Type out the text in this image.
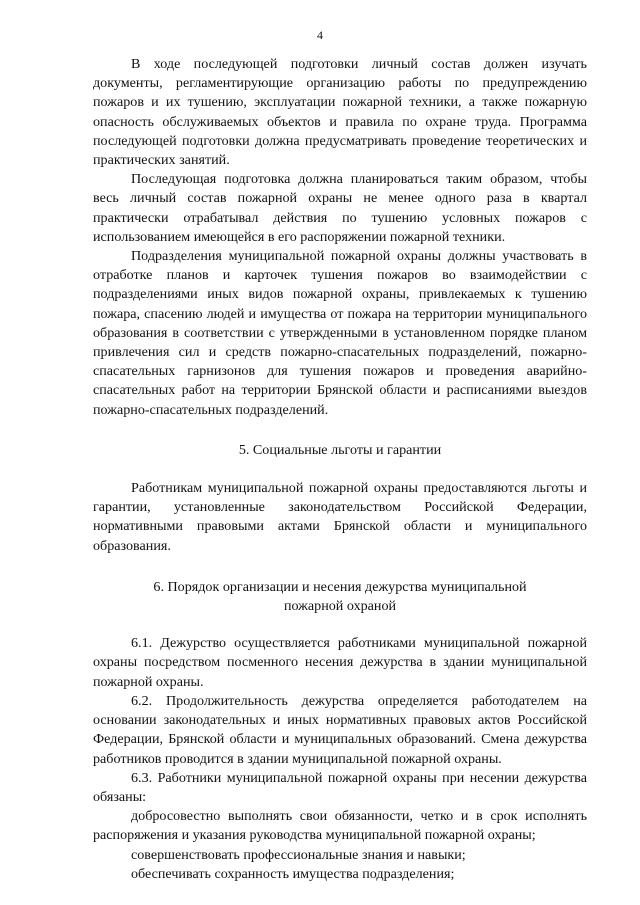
4

В ходе последующей подготовки личный состав должен изучать документы, регламентирующие организацию работы по предупреждению пожаров и их тушению, эксплуатации пожарной техники, а также пожарную опасность обслуживаемых объектов и правила по охране труда. Программа последующей подготовки должна предусматривать проведение теоретических и практических занятий.

Последующая подготовка должна планироваться таким образом, чтобы весь личный состав пожарной охраны не менее одного раза в квартал практически отрабатывал действия по тушению условных пожаров с использованием имеющейся в его распоряжении пожарной техники.

Подразделения муниципальной пожарной охраны должны участвовать в отработке планов и карточек тушения пожаров во взаимодействии с подразделениями иных видов пожарной охраны, привлекаемых к тушению пожара, спасению людей и имущества от пожара на территории муниципального образования в соответствии с утвержденными в установленном порядке планом привлечения сил и средств пожарно-спасательных подразделений, пожарно-спасательных гарнизонов для тушения пожаров и проведения аварийно-спасательных работ на территории Брянской области и расписаниями выездов пожарно-спасательных подразделений.

5. Социальные льготы и гарантии

Работникам муниципальной пожарной охраны предоставляются льготы и гарантии, установленные законодательством Российской Федерации, нормативными правовыми актами Брянской области и муниципального образования.

6. Порядок организации и несения дежурства муниципальной

пожарной охраной

6.1. Дежурство осуществляется работниками муниципальной пожарной охраны посредством посменного несения дежурства в здании муниципальной пожарной охраны.

6.2. Продолжительность дежурства определяется работодателем на основании законодательных и иных нормативных правовых актов Российской Федерации, Брянской области и муниципальных образований. Смена дежурства работников проводится в здании муниципальной пожарной охраны.

6.3. Работники муниципальной пожарной охраны при несении дежурства обязаны:

добросовестно выполнять свои обязанности, четко и в срок исполнять распоряжения и указания руководства муниципальной пожарной охраны;

совершенствовать профессиональные знания и навыки;

обеспечивать сохранность имущества подразделения;
